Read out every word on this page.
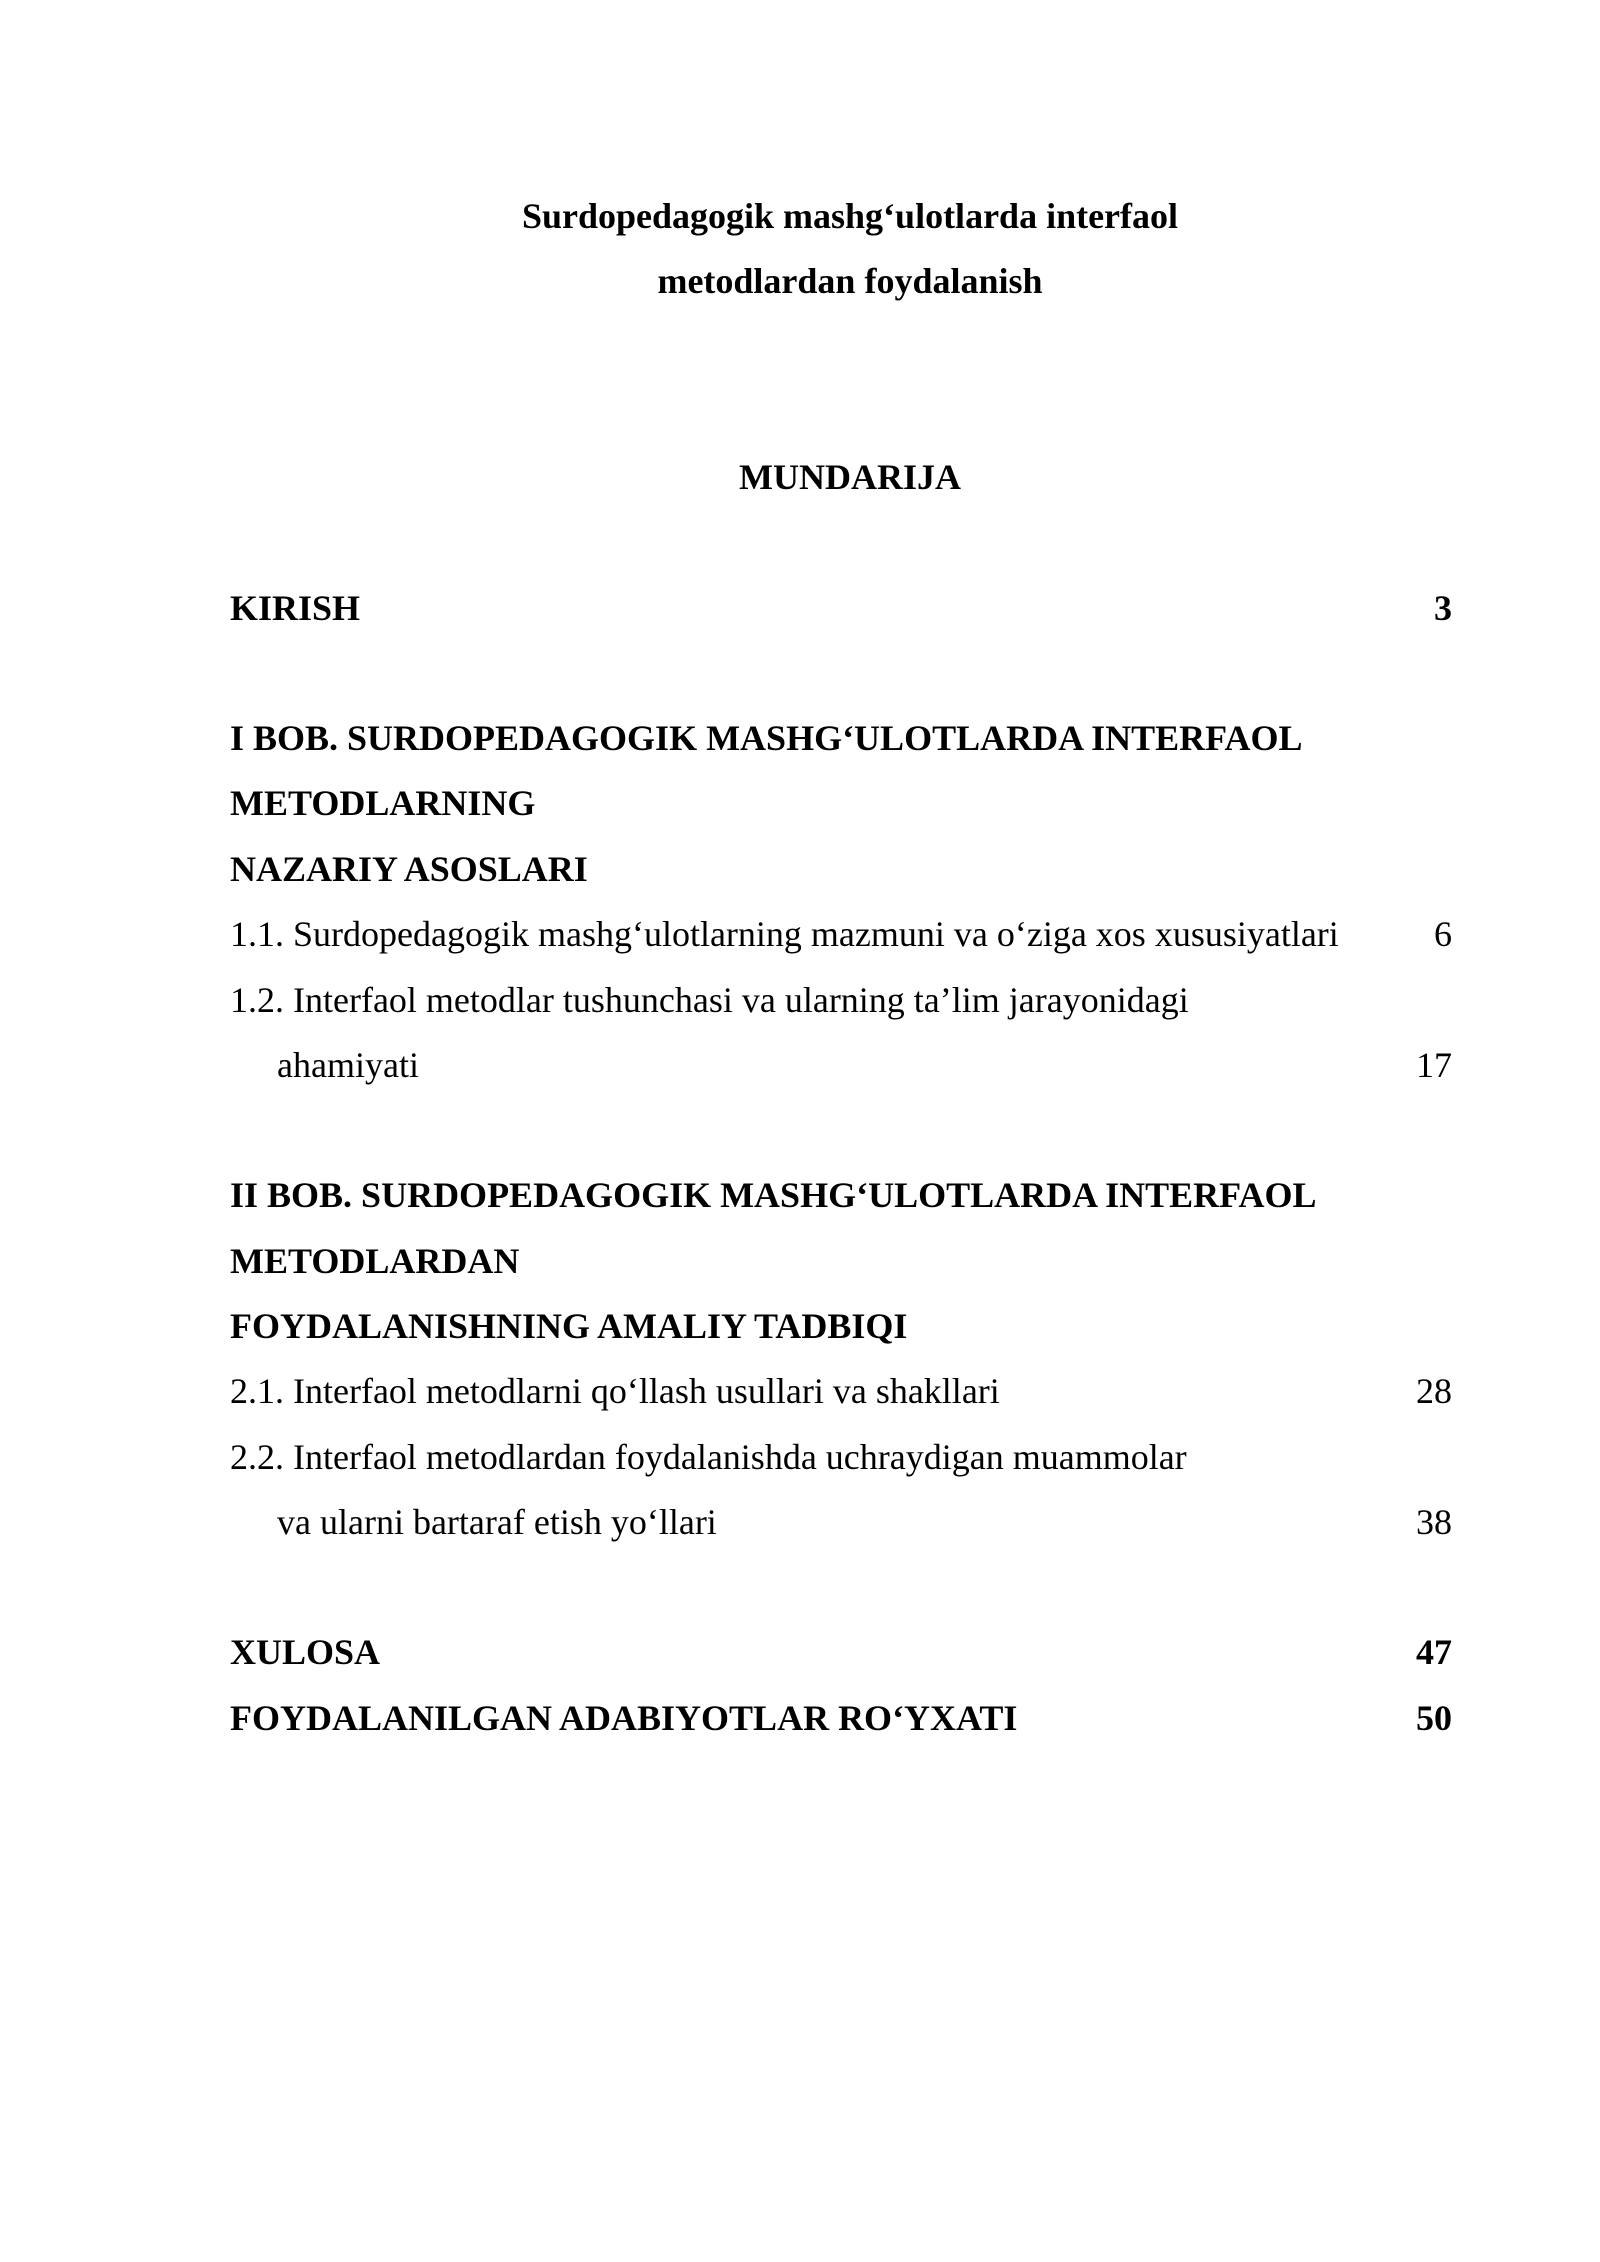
Surdopedagogik mashg‘ulotlarda interfaol
metodlardan foydalanish
MUNDARIJA
KIRISH	3
I BOB. SURDOPEDAGOGIK MASHG‘ULOTLARDA INTERFAOL
METODLARNING
NAZARIY ASOSLARI
1.1. Surdopedagogik mashg‘ulotlarning mazmuni va o‘ziga xos xususiyatlari	6
1.2. Interfaol metodlar tushunchasi va ularning ta’lim jarayonidagi
ahamiyati	17
II BOB. SURDOPEDAGOGIK MASHG‘ULOTLARDA INTERFAOL
METODLARDAN
FOYDALANISHNING AMALIY TADBIQI
2.1. Interfaol metodlarni qo‘llash usullari va shakllari	28
2.2. Interfaol metodlardan foydalanishda uchraydigan muammolar
va ularni bartaraf etish yo‘llari	38
XULOSA	47
FOYDALANILGAN ADABIYOTLAR RO‘YXATI	50
